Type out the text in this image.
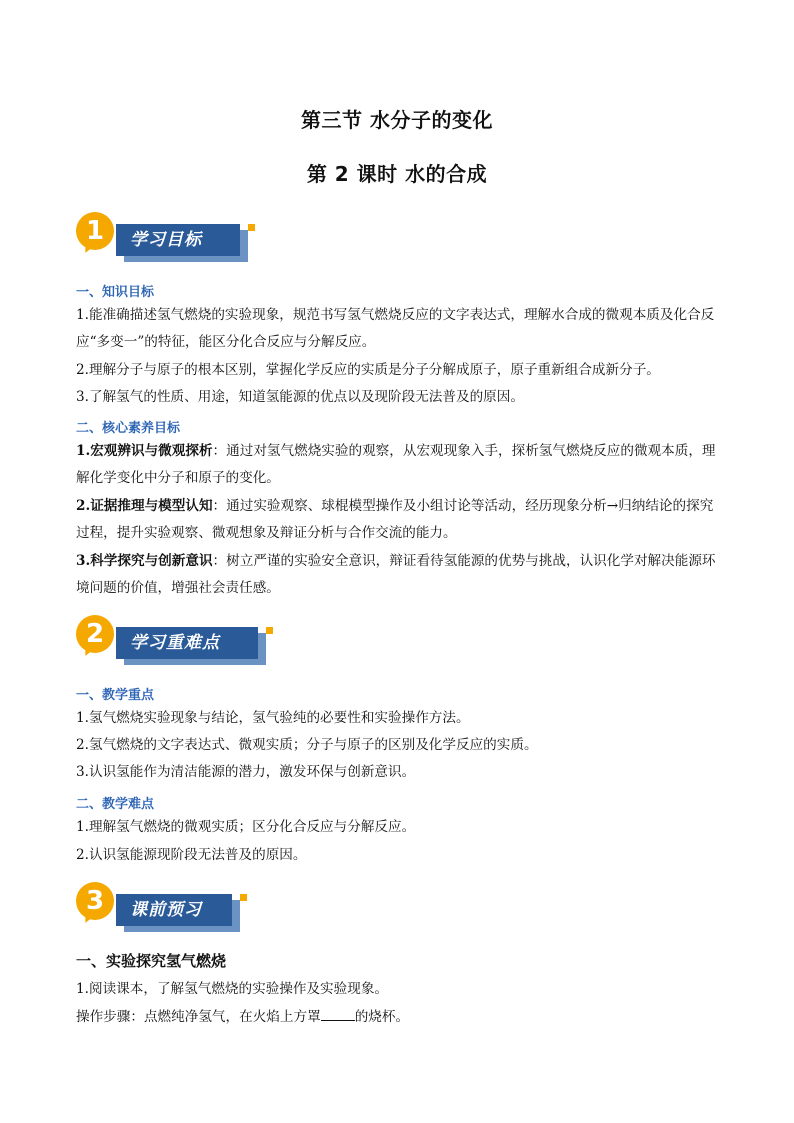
第三节 水分子的变化
第 2 课时 水的合成
1	学习目标
一、知识目标
1.能准确描述氢气燃烧的实验现象，规范书写氢气燃烧反应的文字表达式，理解水合成的微观本质及化合反应“多变一”的特征，能区分化合反应与分解反应。
2.理解分子与原子的根本区别，掌握化学反应的实质是分子分解成原子，原子重新组合成新分子。
3.了解氢气的性质、用途，知道氢能源的优点以及现阶段无法普及的原因。
二、核心素养目标
1.宏观辨识与微观探析：通过对氢气燃烧实验的观察，从宏观现象入手，探析氢气燃烧反应的微观本质，理解化学变化中分子和原子的变化。
2.证据推理与模型认知：通过实验观察、球棍模型操作及小组讨论等活动，经历现象分析→归纳结论的探究过程，提升实验观察、微观想象及辩证分析与合作交流的能力。
3.科学探究与创新意识：树立严谨的实验安全意识，辩证看待氢能源的优势与挑战，认识化学对解决能源环境问题的价值，增强社会责任感。
2	学习重难点
一、教学重点
1.氢气燃烧实验现象与结论，氢气验纯的必要性和实验操作方法。
2.氢气燃烧的文字表达式、微观实质；分子与原子的区别及化学反应的实质。
3.认识氢能作为清洁能源的潜力，激发环保与创新意识。
二、教学难点
1.理解氢气燃烧的微观实质；区分化合反应与分解反应。
2.认识氢能源现阶段无法普及的原因。
3	课前预习
一、实验探究氢气燃烧
1.阅读课本，了解氢气燃烧的实验操作及实验现象。
操作步骤：点燃纯净氢气，在火焰上方罩	的烧杯。
